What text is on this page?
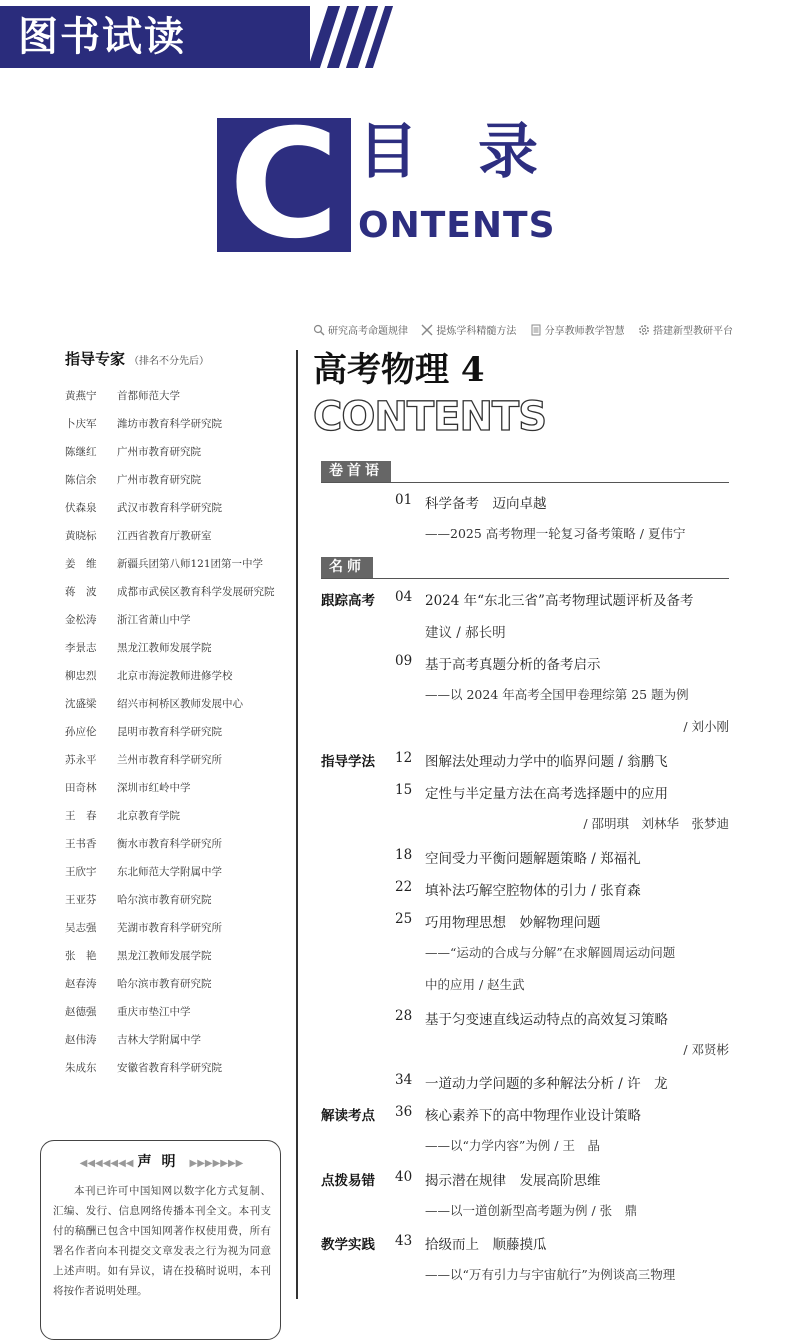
图书试读
C 目录
ONTENTS
研究高考命题规律	提炼学科精髓方法	分享教师教学智慧	搭建新型教研平台
指导专家 （排名不分先后）
黄燕宁 首都师范大学
卜庆军 潍坊市教育科学研究院
陈继红 广州市教育研究院
陈信余 广州市教育研究院
伏森泉 武汉市教育科学研究院
黄晓标 江西省教育厅教研室
姜　维 新疆兵团第八师121团第一中学
蒋　波 成都市武侯区教育科学发展研究院
金松涛 浙江省萧山中学
李景志 黑龙江教师发展学院
柳忠烈 北京市海淀教师进修学校
沈盛梁 绍兴市柯桥区教师发展中心
孙应伦 昆明市教育科学研究院
苏永平 兰州市教育科学研究所
田奇林 深圳市红岭中学
王　春 北京教育学院
王书香 衡水市教育科学研究所
王欣宇 东北师范大学附属中学
王亚芬 哈尔滨市教育研究院
吴志强 芜湖市教育科学研究所
张　艳 黑龙江教师发展学院
赵春涛 哈尔滨市教育研究院
赵德强 重庆市垫江中学
赵伟涛 吉林大学附属中学
朱成东 安徽省教育科学研究院
◀◀◀◀◀◀◀ 声明 ▶▶▶▶▶▶▶
本刊已许可中国知网以数字化方式复制、汇编、发行、信息网络传播本刊全文。本刊支付的稿酬已包含中国知网著作权使用费，所有署名作者向本刊提交文章发表之行为视为同意上述声明。如有异议，请在投稿时说明，本刊将按作者说明处理。
高考物理 4
CONTENTS
卷首语
01 科学备考　迈向卓越
——2025 高考物理一轮复习备考策略 / 夏伟宁
名师
跟踪高考 04 2024 年“东北三省”高考物理试题评析及备考
建议 / 郝长明
09 基于高考真题分析的备考启示
——以 2024 年高考全国甲卷理综第 25 题为例
/ 刘小刚
指导学法 12 图解法处理动力学中的临界问题 / 翁鹏飞
15 定性与半定量方法在高考选择题中的应用
/ 邵明琪　刘林华　张梦迪
18 空间受力平衡问题解题策略 / 郑福礼
22 填补法巧解空腔物体的引力 / 张育森
25 巧用物理思想　妙解物理问题
——“运动的合成与分解”在求解圆周运动问题
中的应用 / 赵生武
28 基于匀变速直线运动特点的高效复习策略
/ 邓贤彬
34 一道动力学问题的多种解法分析 / 许　龙
解读考点 36 核心素养下的高中物理作业设计策略
——以“力学内容”为例 / 王　晶
点拨易错 40 揭示潜在规律　发展高阶思维
——以一道创新型高考题为例 / 张　鼎
教学实践 43 拾级而上　顺藤摸瓜
——以“万有引力与宇宙航行”为例谈高三物理
